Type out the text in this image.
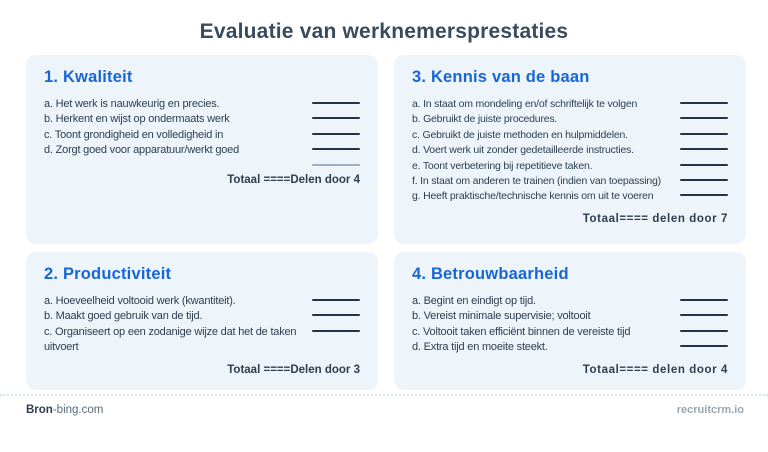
Evaluatie van werknemersprestaties
1. Kwaliteit
a. Het werk is nauwkeurig en precies.
b. Herkent en wijst op ondermaats werk
c. Toont grondigheid en volledigheid in
d. Zorgt goed voor apparatuur/werkt goed
Totaal ====Delen door 4
3. Kennis van de baan
a. In staat om mondeling en/of schriftelijk te volgen
b. Gebruikt de juiste procedures.
c. Gebruikt de juiste methoden en hulpmiddelen.
d. Voert werk uit zonder gedetailleerde instructies.
e. Toont verbetering bij repetitieve taken.
f. In staat om anderen te trainen (indien van toepassing)
g. Heeft praktische/technische kennis om uit te voeren
Totaal==== delen door 7
2. Productiviteit
a. Hoeveelheid voltooid werk (kwantiteit).
b. Maakt goed gebruik van de tijd.
c. Organiseert op een zodanige wijze dat het de taken uitvoert
Totaal ====Delen door 3
4. Betrouwbaarheid
a. Begint en eindigt op tijd.
b. Vereist minimale supervisie; voltooit
c. Voltooit taken efficiënt binnen de vereiste tijd
d. Extra tijd en moeite steekt.
Totaal==== delen door 4
Bron-bing.com	recruitcrm.io
